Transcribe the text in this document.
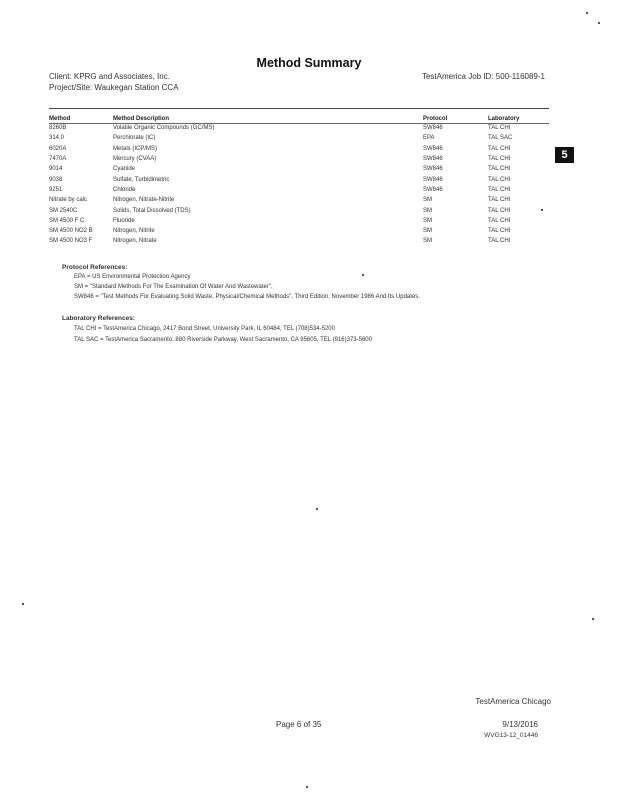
Method Summary
Client: KPRG and Associates, Inc.
Project/Site: Waukegan Station CCA
TestAmerica Job ID: 500-116089-1
Method	Method Description	Protocol	Laboratory
8260B	Volatile Organic Compounds (GC/MS)	SW846	TAL CHI
314.0	Perchlorate (IC)	EPA	TAL SAC
6020A	Metals (ICP/MS)	SW846	TAL CHI
7470A	Mercury (CVAA)	SW846	TAL CHI
9014	Cyanide	SW846	TAL CHI
9038	Sulfate, Turbidimetric	SW846	TAL CHI
9251	Chloride	SW846	TAL CHI
Nitrate by calc	Nitrogen, Nitrate-Nitrite	SM	TAL CHI
SM 2540C	Solids, Total Dissolved (TDS)	SM	TAL CHI
SM 4500 F C	Fluoride	SM	TAL CHI
SM 4500 NO2 B	Nitrogen, Nitrite	SM	TAL CHI
SM 4500 NO3 F	Nitrogen, Nitrate	SM	TAL CHI
5
Protocol References:
EPA = US Environmental Protection Agency
SM = "Standard Methods For The Examination Of Water And Wastewater",
SW846 = "Test Methods For Evaluating Solid Waste, Physical/Chemical Methods", Third Edition, November 1986 And Its Updates.
Laboratory References:
TAL CHI = TestAmerica Chicago, 2417 Bond Street, University Park, IL 60484, TEL (708)534-5200
TAL SAC = TestAmerica Sacramento, 880 Riverside Parkway, West Sacramento, CA 95605, TEL (916)373-5600
TestAmerica Chicago
Page 6 of 35	9/13/2016
WVG13-12_01446
